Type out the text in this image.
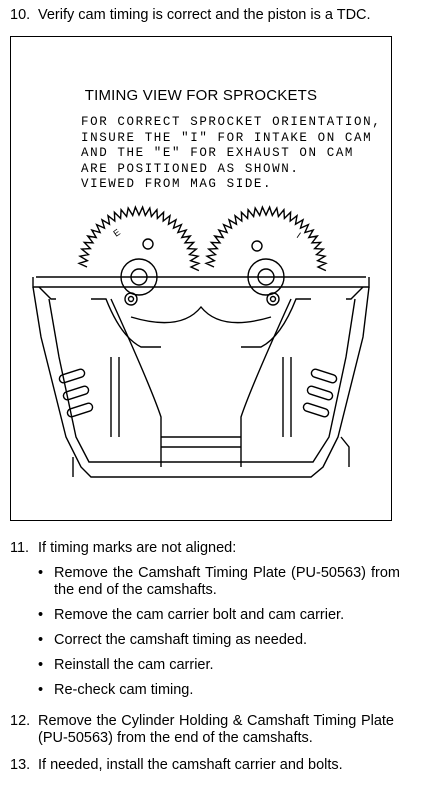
10. Verify cam timing is correct and the piston is a TDC.
E	I
TIMING VIEW FOR SPROCKETS
FOR CORRECT SPROCKET ORIENTATION,
INSURE THE "I" FOR INTAKE ON CAM
AND THE "E" FOR EXHAUST ON CAM
ARE POSITIONED AS SHOWN.
VIEWED FROM MAG SIDE.
11. If timing marks are not aligned:
• Remove the Camshaft Timing Plate (PU-50563) from the end of the camshafts.
• Remove the cam carrier bolt and cam carrier.
• Correct the camshaft timing as needed.
• Reinstall the cam carrier.
• Re-check cam timing.
12. Remove the Cylinder Holding & Camshaft Timing Plate (PU-50563) from the end of the camshafts.
13. If needed, install the camshaft carrier and bolts.
